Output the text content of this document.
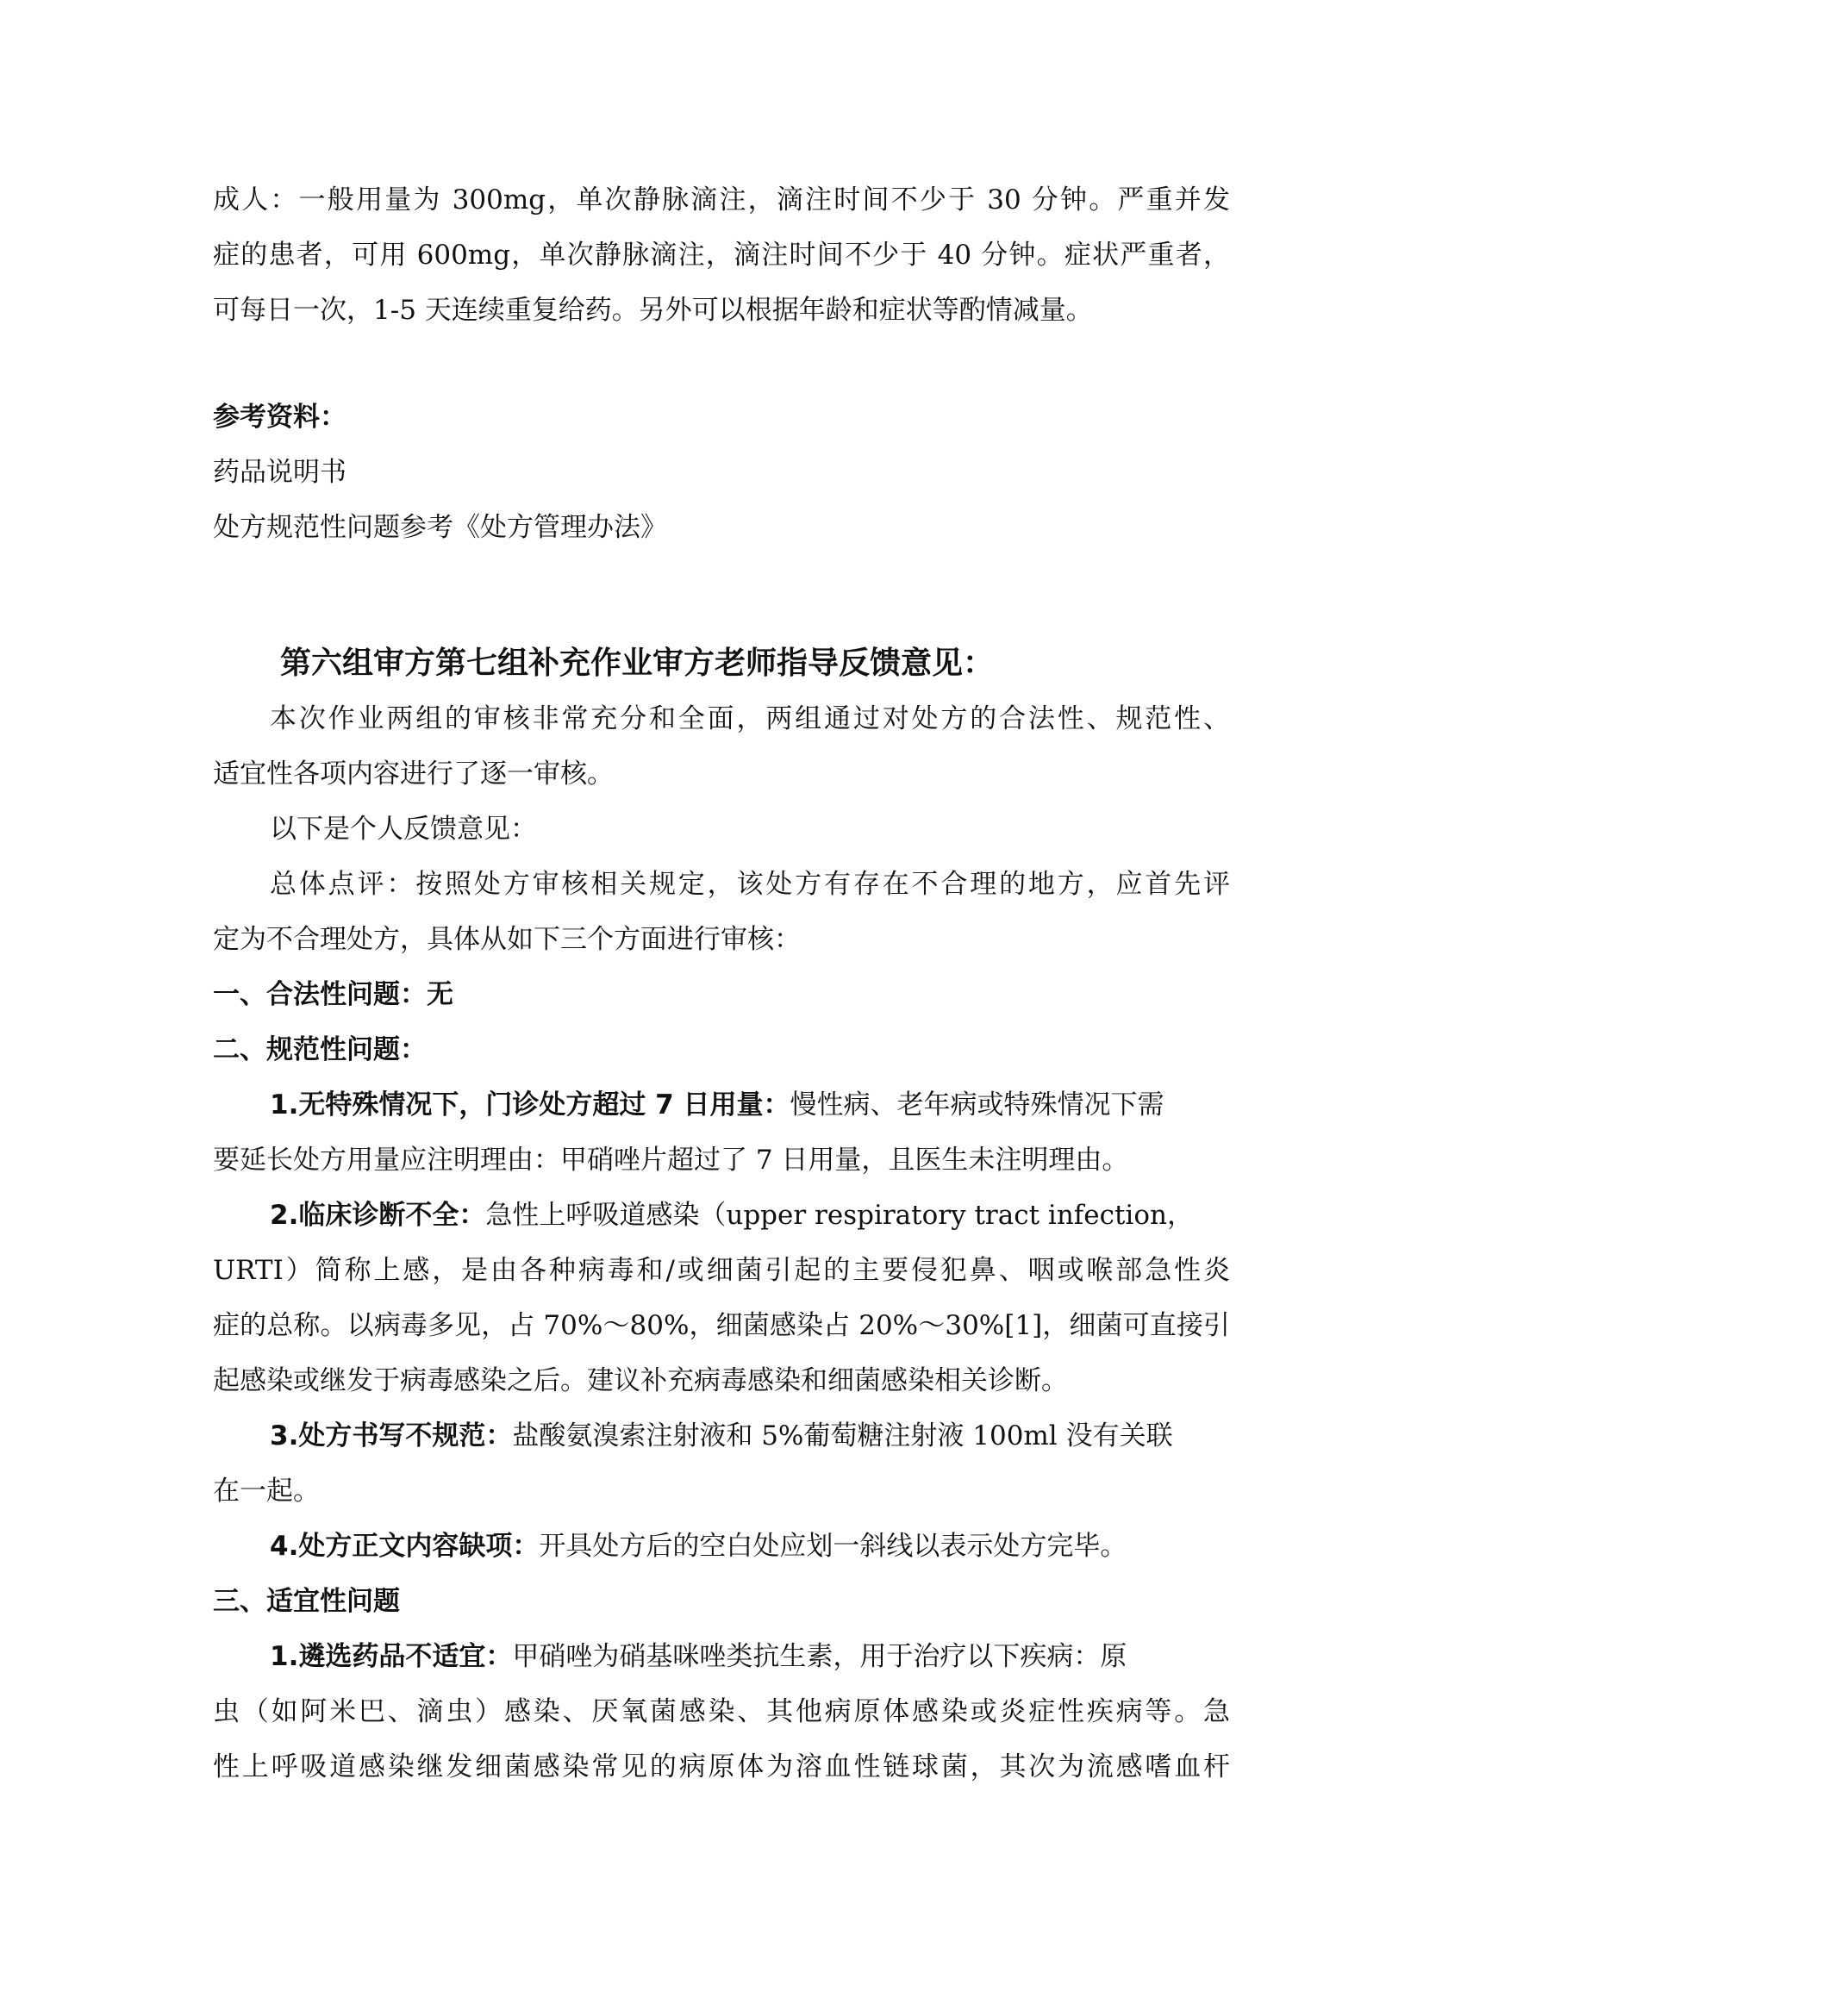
成人：一般用量为 300mg，单次静脉滴注，滴注时间不少于 30 分钟。严重并发
症的患者，可用 600mg，单次静脉滴注，滴注时间不少于 40 分钟。症状严重者，
可每日一次，1-5 天连续重复给药。另外可以根据年龄和症状等酌情减量。
参考资料：
药品说明书
处方规范性问题参考《处方管理办法》
第六组审方第七组补充作业审方老师指导反馈意见：
本次作业两组的审核非常充分和全面，两组通过对处方的合法性、规范性、
适宜性各项内容进行了逐一审核。
以下是个人反馈意见：
总体点评：按照处方审核相关规定，该处方有存在不合理的地方，应首先评
定为不合理处方，具体从如下三个方面进行审核：
一、合法性问题：无
二、规范性问题：
1.无特殊情况下，门诊处方超过 7 日用量：慢性病、老年病或特殊情况下需
要延长处方用量应注明理由：甲硝唑片超过了 7 日用量，且医生未注明理由。
2.临床诊断不全：急性上呼吸道感染（upper respiratory tract infection，
URTI）简称上感，是由各种病毒和/或细菌引起的主要侵犯鼻、咽或喉部急性炎
症的总称。以病毒多见，占 70%～80%，细菌感染占 20%～30%[1]，细菌可直接引
起感染或继发于病毒感染之后。建议补充病毒感染和细菌感染相关诊断。
3.处方书写不规范：盐酸氨溴索注射液和 5%葡萄糖注射液 100ml 没有关联
在一起。
4.处方正文内容缺项：开具处方后的空白处应划一斜线以表示处方完毕。
三、适宜性问题
1.遴选药品不适宜：甲硝唑为硝基咪唑类抗生素，用于治疗以下疾病：原
虫（如阿米巴、滴虫）感染、厌氧菌感染、其他病原体感染或炎症性疾病等。急
性上呼吸道感染继发细菌感染常见的病原体为溶血性链球菌，其次为流感嗜血杆
